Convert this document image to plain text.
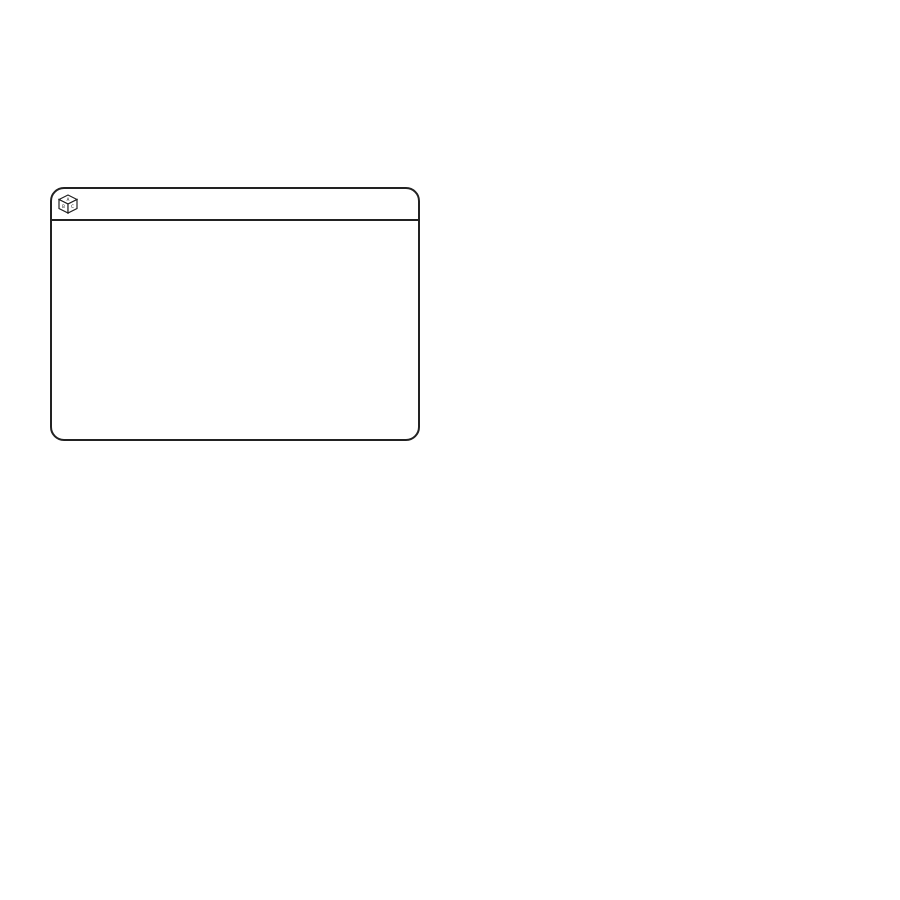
A
B C
